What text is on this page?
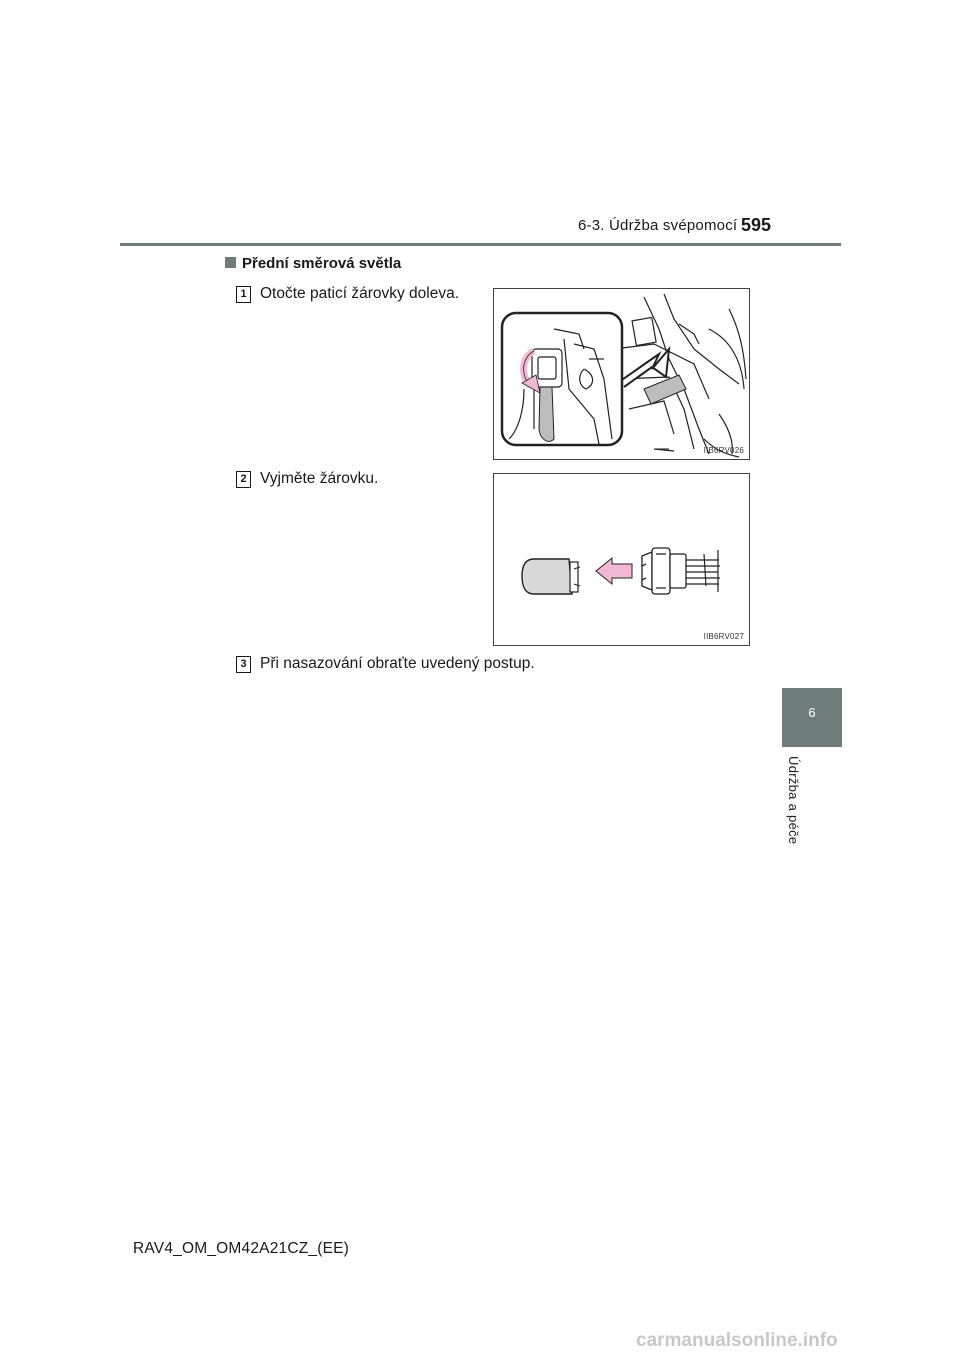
6-3. Údržba svépomocí 595
Přední směrová světla
1 Otočte paticí žárovky doleva.
IIB6RV026
2 Vyjměte žárovku.
IIB6RV027
3 Při nasazování obraťte uvedený postup.
6
Údržba a péče
RAV4_OM_OM42A21CZ_(EE)
carmanualsonline.info
